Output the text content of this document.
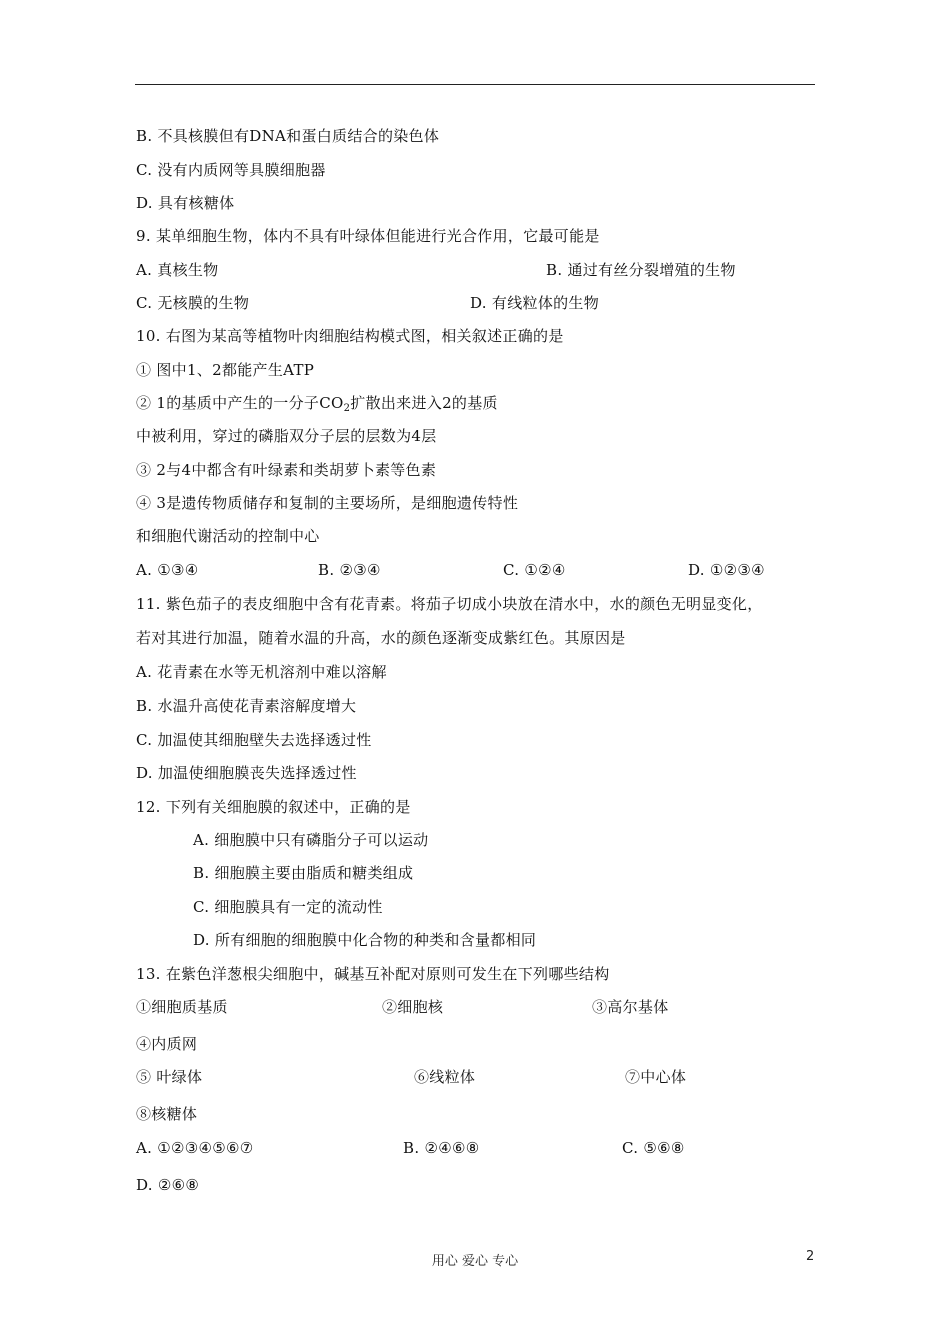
B. 不具核膜但有DNA和蛋白质结合的染色体
C. 没有内质网等具膜细胞器
D. 具有核糖体
9. 某单细胞生物，体内不具有叶绿体但能进行光合作用，它最可能是
A. 真核生物	B. 通过有丝分裂增殖的生物
C. 无核膜的生物	D. 有线粒体的生物
10. 右图为某高等植物叶肉细胞结构模式图，相关叙述正确的是
① 图中1、2都能产生ATP
② 1的基质中产生的一分子$CO_2$扩散出来进入2的基质
中被利用，穿过的磷脂双分子层的层数为4层
③ 2与4中都含有叶绿素和类胡萝卜素等色素
④ 3是遗传物质储存和复制的主要场所，是细胞遗传特性
和细胞代谢活动的控制中心
A. ①③④	B. ②③④	C. ①②④	D. ①②③④
11. 紫色茄子的表皮细胞中含有花青素。将茄子切成小块放在清水中，水的颜色无明显变化，
若对其进行加温，随着水温的升高，水的颜色逐渐变成紫红色。其原因是
A. 花青素在水等无机溶剂中难以溶解
B. 水温升高使花青素溶解度增大
C. 加温使其细胞壁失去选择透过性
D. 加温使细胞膜丧失选择透过性
12. 下列有关细胞膜的叙述中，正确的是
A. 细胞膜中只有磷脂分子可以运动
B. 细胞膜主要由脂质和糖类组成
C. 细胞膜具有一定的流动性
D. 所有细胞的细胞膜中化合物的种类和含量都相同
13. 在紫色洋葱根尖细胞中，碱基互补配对原则可发生在下列哪些结构
①细胞质基质	②细胞核	③高尔基体
④内质网
⑤ 叶绿体	⑥线粒体	⑦中心体
⑧核糖体
A. ①②③④⑤⑥⑦	B. ②④⑥⑧	C. ⑤⑥⑧
D. ②⑥⑧
用心 爱心 专心	2
